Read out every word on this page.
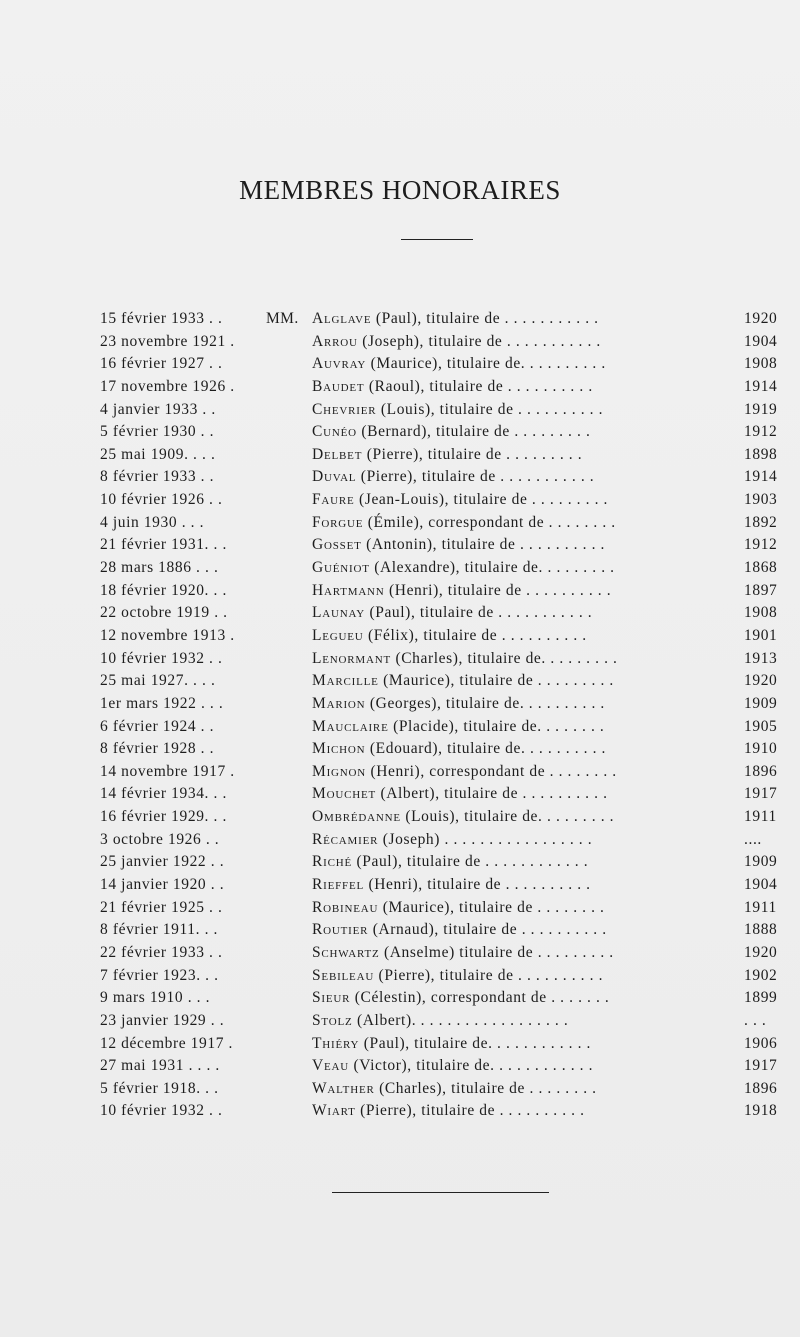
MEMBRES HONORAIRES
15 février 1933 . .	MM. Alglave (Paul), titulaire de . . . . . . . . . . .	1920
23 novembre 1921 .	Arrou (Joseph), titulaire de . . . . . . . . . . .	1904
16 février 1927 . .	Auvray (Maurice), titulaire de. . . . . . . . . .	1908
17 novembre 1926 .	Baudet (Raoul), titulaire de . . . . . . . . . .	1914
4 janvier 1933 . .	Chevrier (Louis), titulaire de . . . . . . . . . .	1919
5 février 1930 . .	Cunéo (Bernard), titulaire de . . . . . . . . .	1912
25 mai 1909. . . .	Delbet (Pierre), titulaire de . . . . . . . . .	1898
8 février 1933 . .	Duval (Pierre), titulaire de . . . . . . . . . . .	1914
10 février 1926 . .	Faure (Jean-Louis), titulaire de . . . . . . . . .	1903
4 juin 1930 . . .	Forgue (Émile), correspondant de . . . . . . . .	1892
21 février 1931. . .	Gosset (Antonin), titulaire de . . . . . . . . . .	1912
28 mars 1886 . . .	Guéniot (Alexandre), titulaire de. . . . . . . . .	1868
18 février 1920. . .	Hartmann (Henri), titulaire de . . . . . . . . . .	1897
22 octobre 1919 . .	Launay (Paul), titulaire de . . . . . . . . . . .	1908
12 novembre 1913 .	Legueu (Félix), titulaire de . . . . . . . . . .	1901
10 février 1932 . .	Lenormant (Charles), titulaire de. . . . . . . . .	1913
25 mai 1927. . . .	Marcille (Maurice), titulaire de . . . . . . . . .	1920
1er mars 1922 . . .	Marion (Georges), titulaire de. . . . . . . . . .	1909
6 février 1924 . .	Mauclaire (Placide), titulaire de. . . . . . . .	1905
8 février 1928 . .	Michon (Edouard), titulaire de. . . . . . . . . .	1910
14 novembre 1917 .	Mignon (Henri), correspondant de . . . . . . . .	1896
14 février 1934. . .	Mouchet (Albert), titulaire de . . . . . . . . . .	1917
16 février 1929. . .	Ombrédanne (Louis), titulaire de. . . . . . . . .	1911
3 octobre 1926 . .	Récamier (Joseph) . . . . . . . . . . . . . . . . .	....
25 janvier 1922 . .	Riché (Paul), titulaire de . . . . . . . . . . . .	1909
14 janvier 1920 . .	Rieffel (Henri), titulaire de . . . . . . . . . .	1904
21 février 1925 . .	Robineau (Maurice), titulaire de . . . . . . . .	1911
8 février 1911. . .	Routier (Arnaud), titulaire de . . . . . . . . . .	1888
22 février 1933 . .	Schwartz (Anselme) titulaire de . . . . . . . . .	1920
7 février 1923. . .	Sebileau (Pierre), titulaire de . . . . . . . . . .	1902
9 mars 1910 . . .	Sieur (Célestin), correspondant de . . . . . . .	1899
23 janvier 1929 . .	Stolz (Albert). . . . . . . . . . . . . . . . . .	. . .
12 décembre 1917 .	Thiéry (Paul), titulaire de. . . . . . . . . . . .	1906
27 mai 1931 . . . .	Veau (Victor), titulaire de. . . . . . . . . . . .	1917
5 février 1918. . .	Walther (Charles), titulaire de . . . . . . . .	1896
10 février 1932 . .	Wiart (Pierre), titulaire de . . . . . . . . . .	1918
